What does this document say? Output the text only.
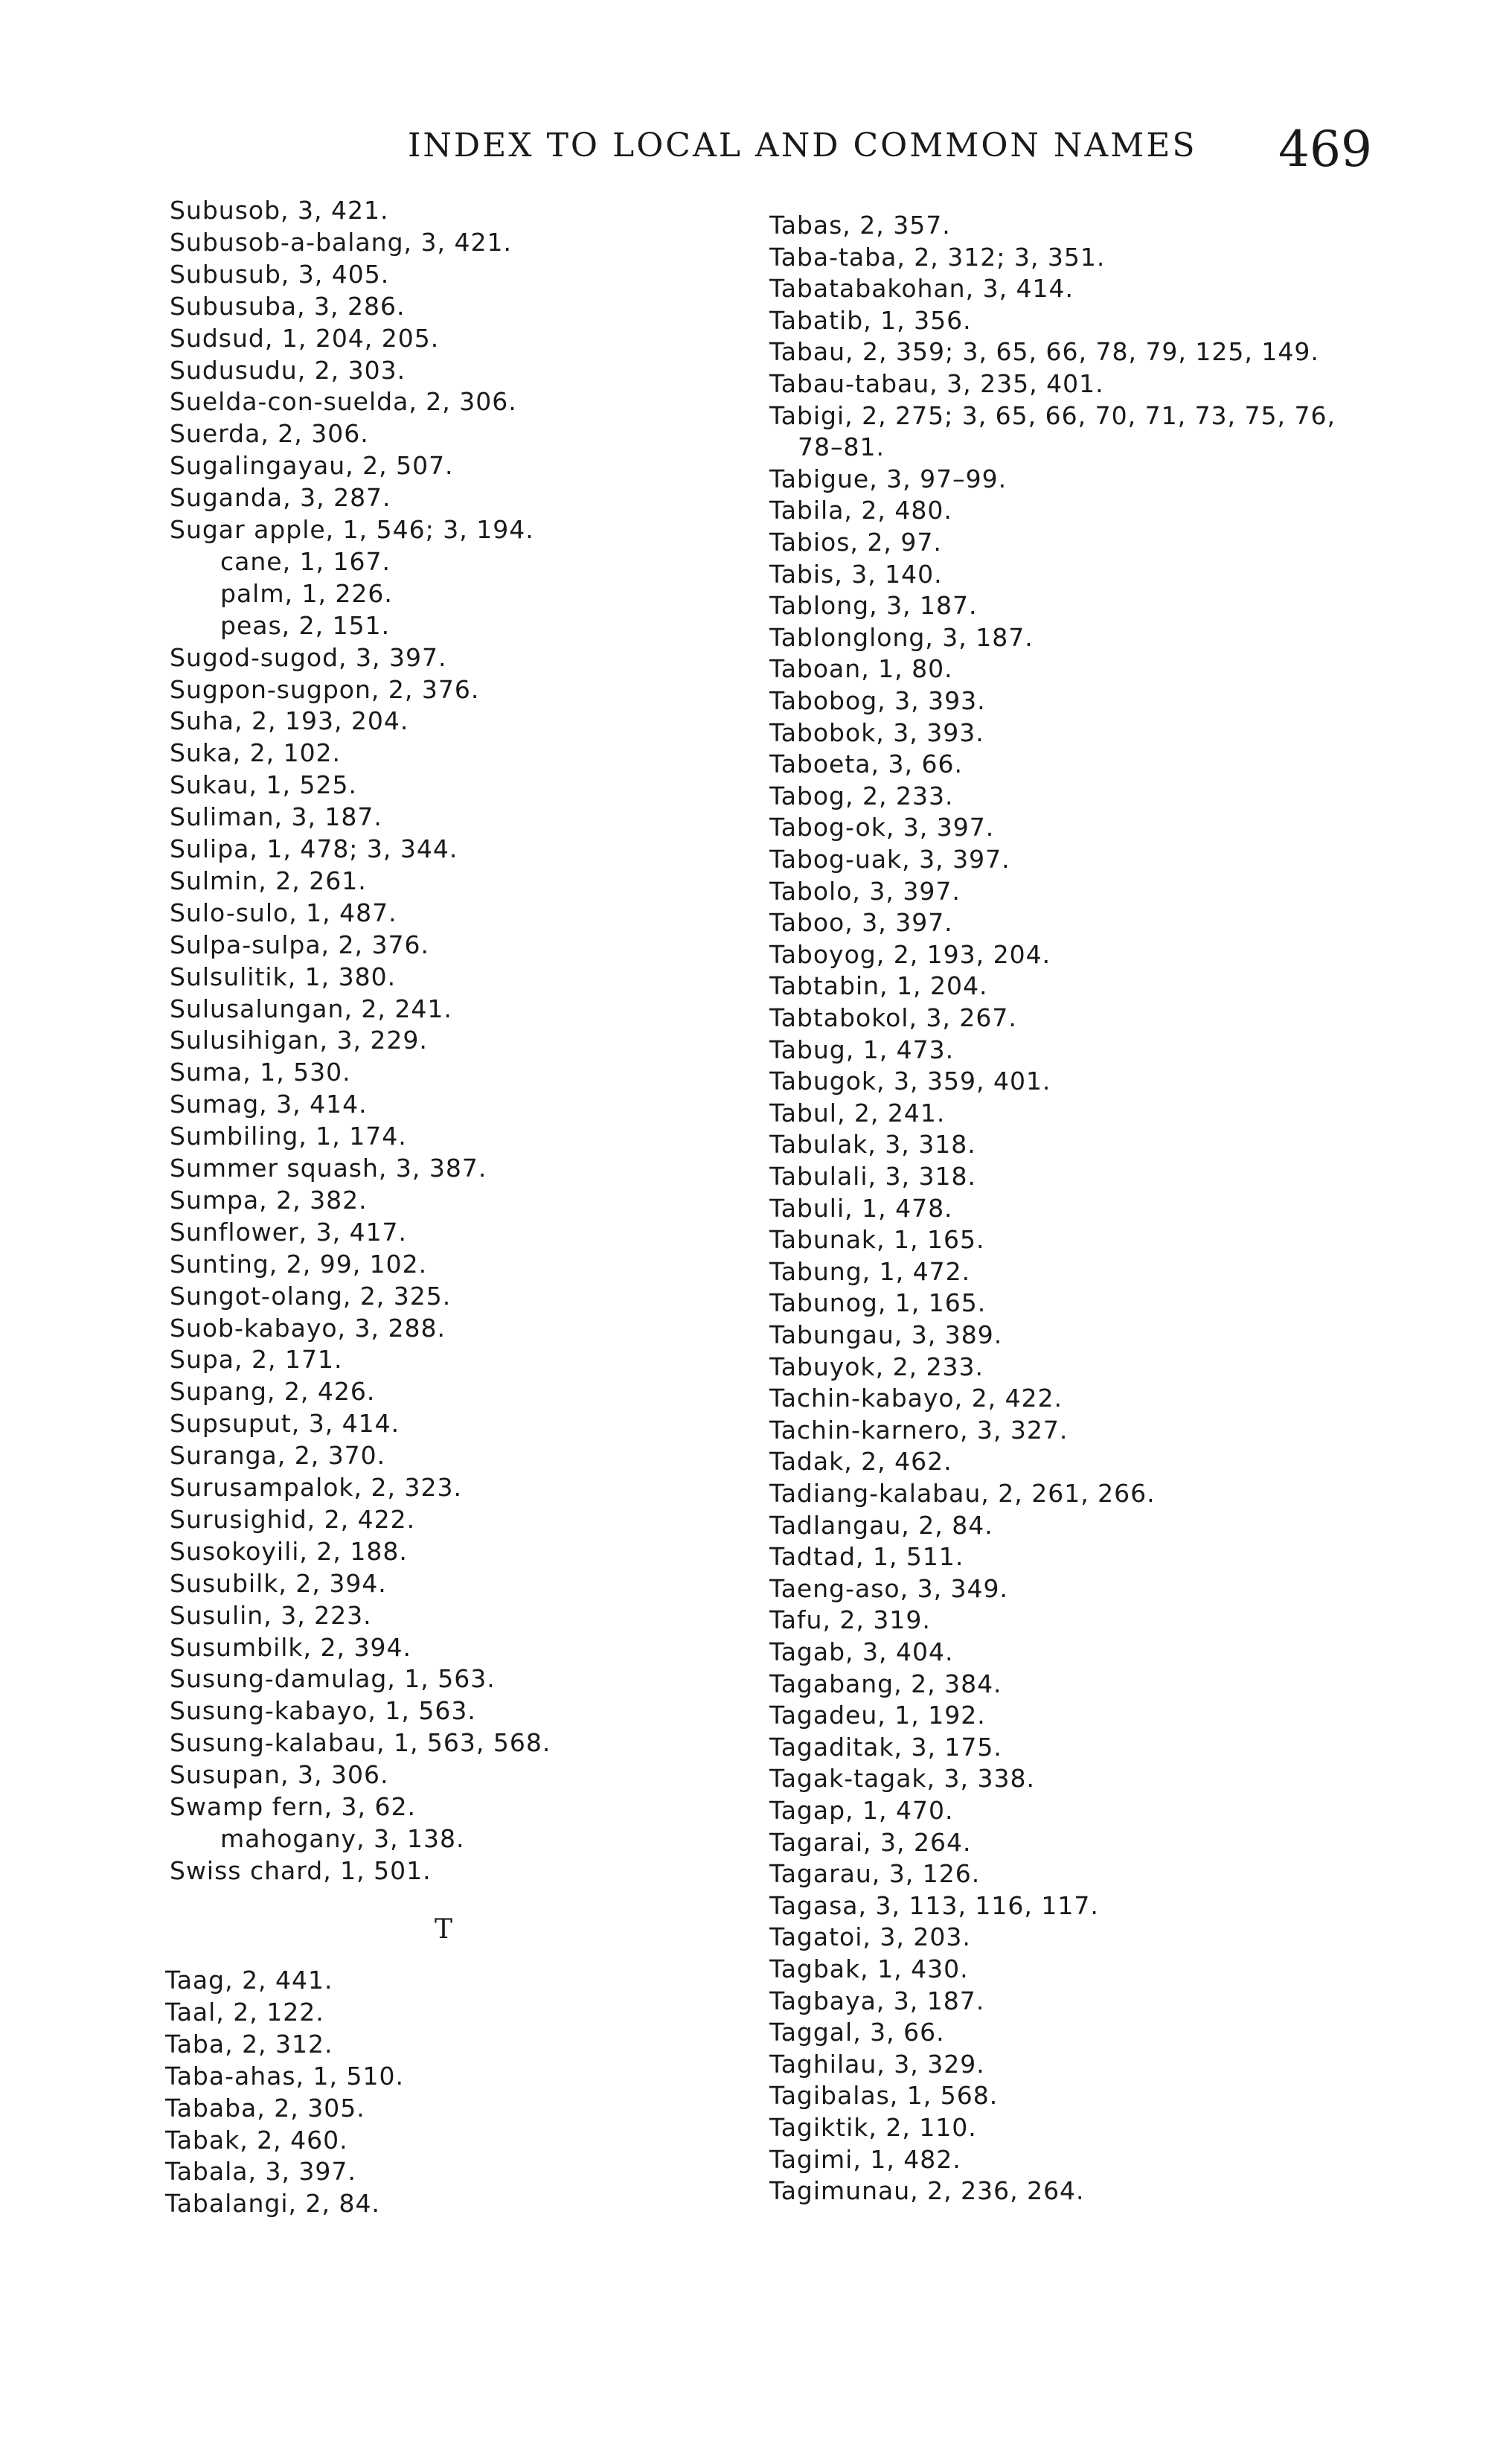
INDEX TO LOCAL AND COMMON NAMES 469
Subusob, 3, 421.
Subusob-a-balang, 3, 421.
Subusub, 3, 405.
Subusuba, 3, 286.
Sudsud, 1, 204, 205.
Sudusudu, 2, 303.
Suelda-con-suelda, 2, 306.
Suerda, 2, 306.
Sugalingayau, 2, 507.
Suganda, 3, 287.
Sugar apple, 1, 546; 3, 194.
cane, 1, 167.
palm, 1, 226.
peas, 2, 151.
Sugod-sugod, 3, 397.
Sugpon-sugpon, 2, 376.
Suha, 2, 193, 204.
Suka, 2, 102.
Sukau, 1, 525.
Suliman, 3, 187.
Sulipa, 1, 478; 3, 344.
Sulmin, 2, 261.
Sulo-sulo, 1, 487.
Sulpa-sulpa, 2, 376.
Sulsulitik, 1, 380.
Sulusalungan, 2, 241.
Sulusihigan, 3, 229.
Suma, 1, 530.
Sumag, 3, 414.
Sumbiling, 1, 174.
Summer squash, 3, 387.
Sumpa, 2, 382.
Sunflower, 3, 417.
Sunting, 2, 99, 102.
Sungot-olang, 2, 325.
Suob-kabayo, 3, 288.
Supa, 2, 171.
Supang, 2, 426.
Supsuput, 3, 414.
Suranga, 2, 370.
Surusampalok, 2, 323.
Surusighid, 2, 422.
Susokoyili, 2, 188.
Susubilk, 2, 394.
Susulin, 3, 223.
Susumbilk, 2, 394.
Susung-damulag, 1, 563.
Susung-kabayo, 1, 563.
Susung-kalabau, 1, 563, 568.
Susupan, 3, 306.
Swamp fern, 3, 62.
mahogany, 3, 138.
Swiss chard, 1, 501.
T
Taag, 2, 441.
Taal, 2, 122.
Taba, 2, 312.
Taba-ahas, 1, 510.
Tababa, 2, 305.
Tabak, 2, 460.
Tabala, 3, 397.
Tabalangi, 2, 84.
Tabas, 2, 357.
Taba-taba, 2, 312; 3, 351.
Tabatabakohan, 3, 414.
Tabatib, 1, 356.
Tabau, 2, 359; 3, 65, 66, 78, 79, 125, 149.
Tabau-tabau, 3, 235, 401.
Tabigi, 2, 275; 3, 65, 66, 70, 71, 73, 75, 76,
78–81.
Tabigue, 3, 97–99.
Tabila, 2, 480.
Tabios, 2, 97.
Tabis, 3, 140.
Tablong, 3, 187.
Tablonglong, 3, 187.
Taboan, 1, 80.
Tabobog, 3, 393.
Tabobok, 3, 393.
Taboeta, 3, 66.
Tabog, 2, 233.
Tabog-ok, 3, 397.
Tabog-uak, 3, 397.
Tabolo, 3, 397.
Taboo, 3, 397.
Taboyog, 2, 193, 204.
Tabtabin, 1, 204.
Tabtabokol, 3, 267.
Tabug, 1, 473.
Tabugok, 3, 359, 401.
Tabul, 2, 241.
Tabulak, 3, 318.
Tabulali, 3, 318.
Tabuli, 1, 478.
Tabunak, 1, 165.
Tabung, 1, 472.
Tabunog, 1, 165.
Tabungau, 3, 389.
Tabuyok, 2, 233.
Tachin-kabayo, 2, 422.
Tachin-karnero, 3, 327.
Tadak, 2, 462.
Tadiang-kalabau, 2, 261, 266.
Tadlangau, 2, 84.
Tadtad, 1, 511.
Taeng-aso, 3, 349.
Tafu, 2, 319.
Tagab, 3, 404.
Tagabang, 2, 384.
Tagadeu, 1, 192.
Tagaditak, 3, 175.
Tagak-tagak, 3, 338.
Tagap, 1, 470.
Tagarai, 3, 264.
Tagarau, 3, 126.
Tagasa, 3, 113, 116, 117.
Tagatoi, 3, 203.
Tagbak, 1, 430.
Tagbaya, 3, 187.
Taggal, 3, 66.
Taghilau, 3, 329.
Tagibalas, 1, 568.
Tagiktik, 2, 110.
Tagimi, 1, 482.
Tagimunau, 2, 236, 264.
